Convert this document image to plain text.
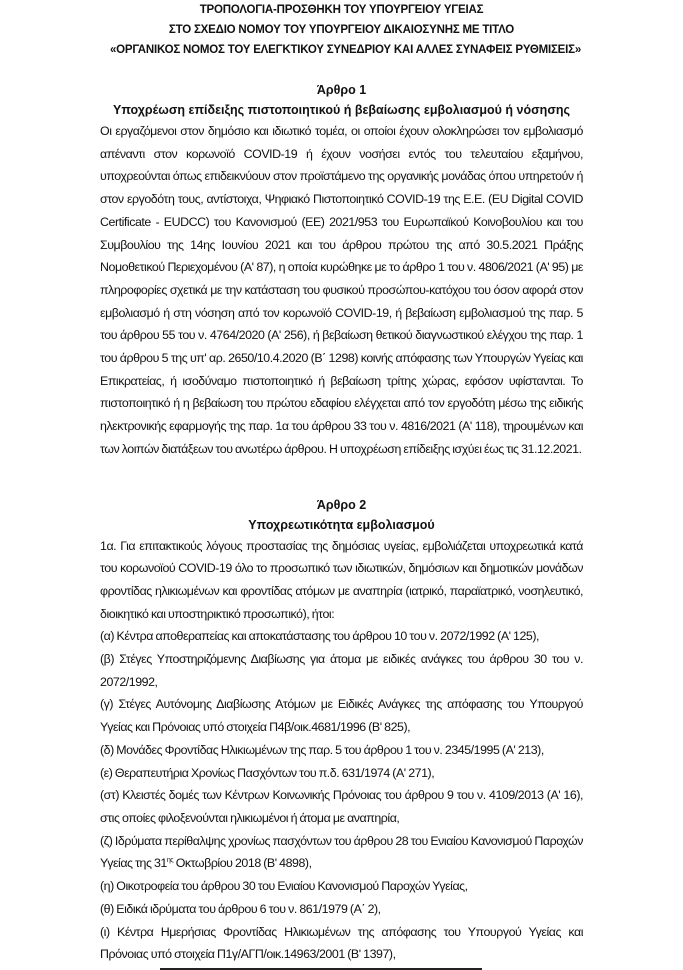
ΤΡΟΠΟΛΟΓΙΑ-ΠΡΟΣΘΗΚΗ ΤΟΥ ΥΠΟΥΡΓΕΙΟΥ ΥΓΕΙΑΣ
ΣΤΟ ΣΧΕΔΙΟ ΝΟΜΟΥ ΤΟΥ ΥΠΟΥΡΓΕΙΟΥ ΔΙΚΑΙΟΣΥΝΗΣ ΜΕ ΤΙΤΛΟ
«ΟΡΓΑΝΙΚΟΣ ΝΟΜΟΣ ΤΟΥ ΕΛΕΓΚΤΙΚΟΥ ΣΥΝΕΔΡΙΟΥ ΚΑΙ ΑΛΛΕΣ ΣΥΝΑΦΕΙΣ ΡΥΘΜΙΣΕΙΣ»
Άρθρο 1
Υποχρέωση επίδειξης πιστοποιητικού ή βεβαίωσης εμβολιασμού ή νόσησης

Οι εργαζόμενοι στον δημόσιο και ιδιωτικό τομέα, οι οποίοι έχουν ολοκληρώσει τον εμβολιασμό απέναντι στον κορωνοϊό COVID-19 ή έχουν νοσήσει εντός του τελευταίου εξαμήνου, υποχρεούνται όπως επιδεικνύουν στον προϊστάμενο της οργανικής μονάδας όπου υπηρετούν ή στον εργοδότη τους, αντίστοιχα, Ψηφιακό Πιστοποιητικό COVID-19 της Ε.Ε. (EU Digital COVID Certificate - EUDCC) του Κανονισμού (ΕΕ) 2021/953 του Ευρωπαϊκού Κοινοβουλίου και του Συμβουλίου της 14ης Ιουνίου 2021 και του άρθρου πρώτου της από 30.5.2021 Πράξης Νομοθετικού Περιεχομένου (Α' 87), η οποία κυρώθηκε με το άρθρο 1 του ν. 4806/2021 (Α' 95) με πληροφορίες σχετικά με την κατάσταση του φυσικού προσώπου-κατόχου του όσον αφορά στον εμβολιασμό ή στη νόσηση από τον κορωνοϊό COVID-19, ή βεβαίωση εμβολιασμού της παρ. 5 του άρθρου 55 του ν. 4764/2020 (Α' 256), ή βεβαίωση θετικού διαγνωστικού ελέγχου της παρ. 1 του άρθρου 5 της υπ' αρ. 2650/10.4.2020 (Β΄ 1298) κοινής απόφασης των Υπουργών Υγείας και Επικρατείας, ή ισοδύναμο πιστοποιητικό ή βεβαίωση τρίτης χώρας, εφόσον υφίστανται. Το πιστοποιητικό ή η βεβαίωση του πρώτου εδαφίου ελέγχεται από τον εργοδότη μέσω της ειδικής ηλεκτρονικής εφαρμογής της παρ. 1α του άρθρου 33 του ν. 4816/2021 (Α' 118), τηρουμένων και των λοιπών διατάξεων του ανωτέρω άρθρου. Η υποχρέωση επίδειξης ισχύει έως τις 31.12.2021.

Άρθρο 2
Υποχρεωτικότητα εμβολιασμού

1α. Για επιτακτικούς λόγους προστασίας της δημόσιας υγείας, εμβολιάζεται υποχρεωτικά κατά του κορωνοϊού COVID-19 όλο το προσωπικό των ιδιωτικών, δημόσιων και δημοτικών μονάδων φροντίδας ηλικιωμένων και φροντίδας ατόμων με αναπηρία (ιατρικό, παραϊατρικό, νοσηλευτικό, διοικητικό και υποστηρικτικό προσωπικό), ήτοι:

(α) Κέντρα αποθεραπείας και αποκατάστασης του άρθρου 10 του ν. 2072/1992 (Α' 125),

(β) Στέγες Υποστηριζόμενης Διαβίωσης για άτομα με ειδικές ανάγκες του άρθρου 30 του ν. 2072/1992,

(γ) Στέγες Αυτόνομης Διαβίωσης Ατόμων με Ειδικές Ανάγκες της απόφασης του Υπουργού Υγείας και Πρόνοιας υπό στοιχεία Π4β/οικ.4681/1996 (Β' 825),

(δ) Μονάδες Φροντίδας Ηλικιωμένων της παρ. 5 του άρθρου 1 του ν. 2345/1995 (Α' 213),

(ε) Θεραπευτήρια Χρονίως Πασχόντων του π.δ. 631/1974 (Α' 271),

(στ) Κλειστές δομές των Κέντρων Κοινωνικής Πρόνοιας του άρθρου 9 του ν. 4109/2013 (Α' 16), στις οποίες φιλοξενούνται ηλικιωμένοι ή άτομα με αναπηρία,

(ζ) Ιδρύματα περίθαλψης χρονίως πασχόντων του άρθρου 28 του Ενιαίου Κανονισμού Παροχών Υγείας της $31^{\eta\varsigma}$ Οκτωβρίου 2018 (Β' 4898),

(η) Οικοτροφεία του άρθρου 30 του Ενιαίου Κανονισμού Παροχών Υγείας,

(θ) Ειδικά ιδρύματα του άρθρου 6 του ν. 861/1979 (Α΄ 2),

(ι) Κέντρα Ημερήσιας Φροντίδας Ηλικιωμένων της απόφασης του Υπουργού Υγείας και Πρόνοιας υπό στοιχεία Π1γ/ΑΓΠ/οικ.14963/2001 (Β' 1397),
